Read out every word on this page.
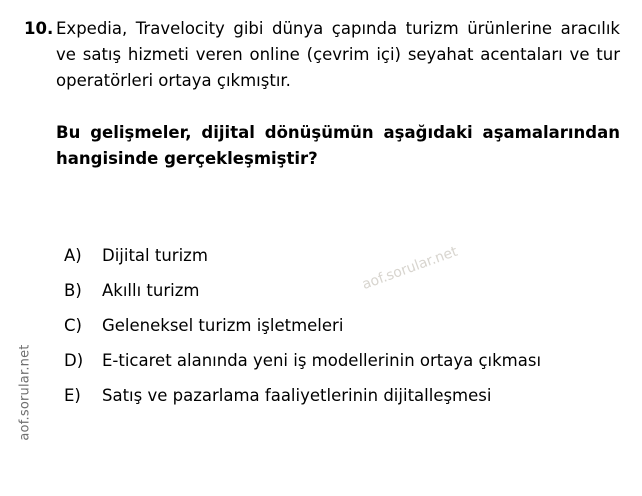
aof.sorular.net
10. Expedia, Travelocity gibi dünya çapında turizm ürünlerine aracılık ve satış hizmeti veren online (çevrim içi) seyahat acentaları ve tur operatörleri ortaya çıkmıştır.
Bu gelişmeler, dijital dönüşümün aşağıdaki aşamalarından hangisinde gerçekleşmiştir?
A)	Dijital turizm
B)	Akıllı turizm
C)	Geleneksel turizm işletmeleri
D)	E-ticaret alanında yeni iş modellerinin ortaya çıkması
E)	Satış ve pazarlama faaliyetlerinin dijitalleşmesi
aof.sorular.net
